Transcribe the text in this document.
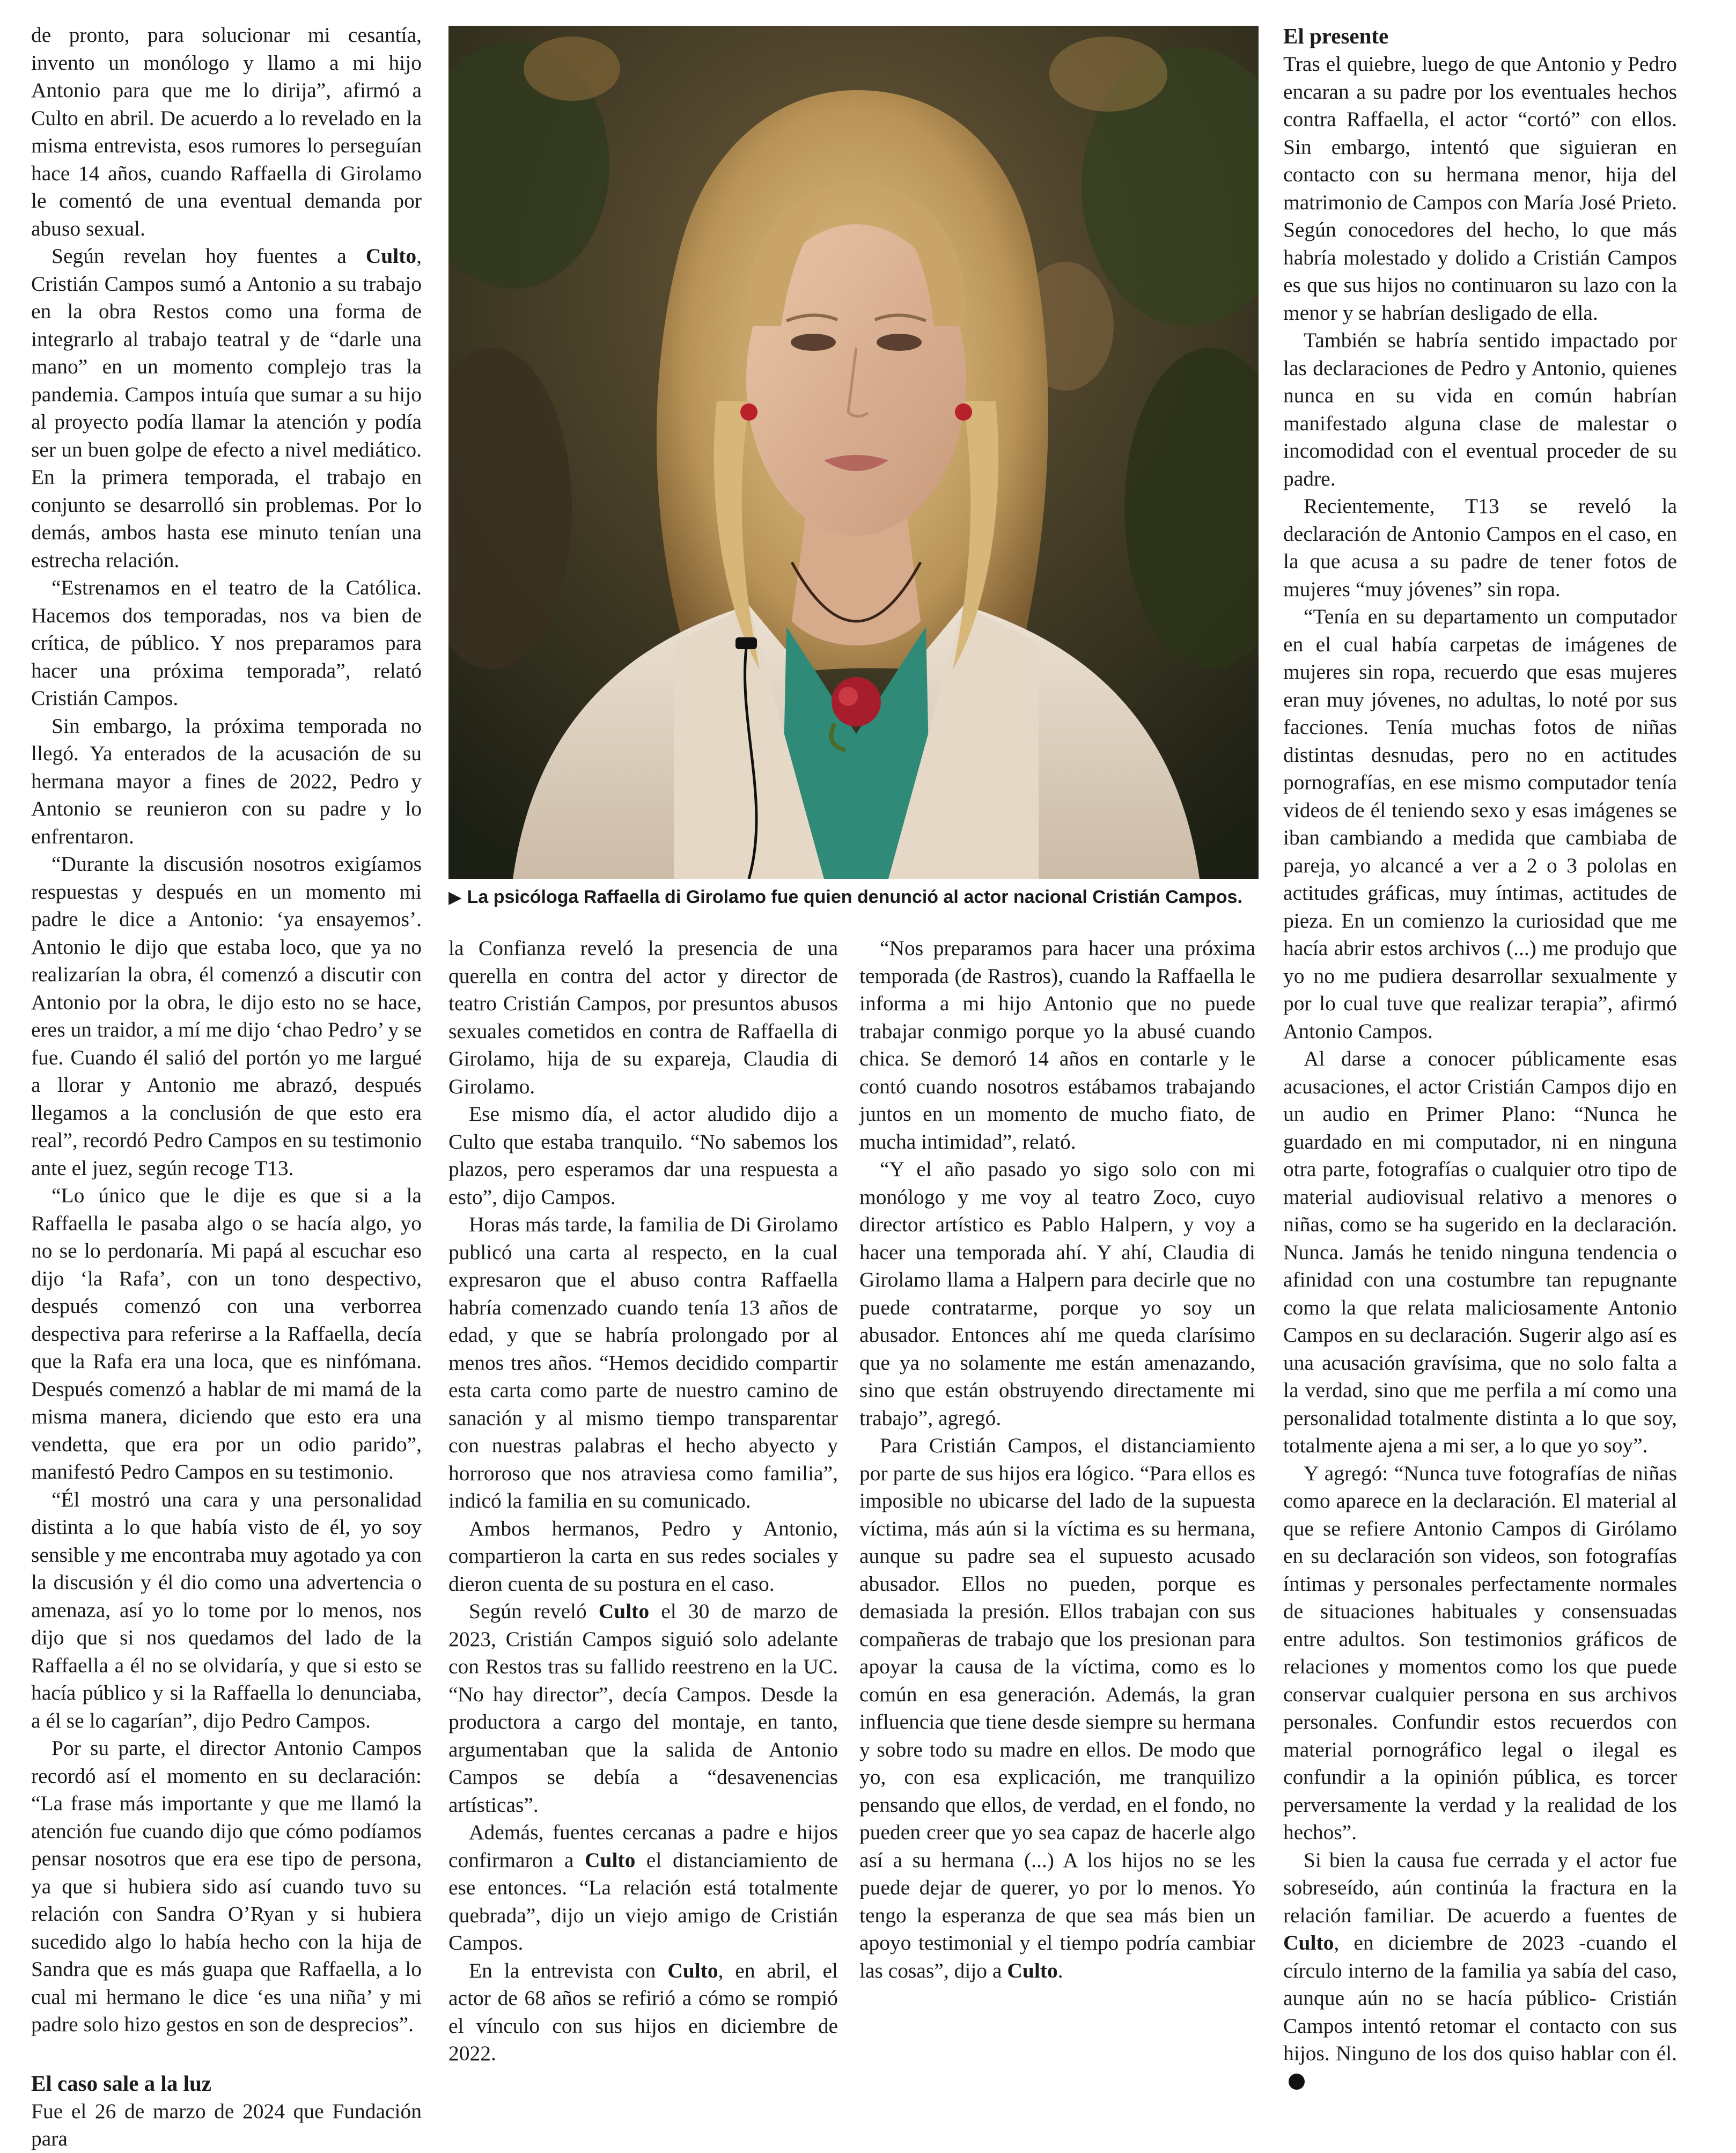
de pronto, para solucionar mi cesantía, invento un monólogo y llamo a mi hijo Antonio para que me lo dirija”, afirmó a Culto en abril. De acuerdo a lo revelado en la misma entrevista, esos rumores lo perseguían hace 14 años, cuando Raffaella di Girolamo le comentó de una eventual demanda por abuso sexual.

Según revelan hoy fuentes a Culto, Cristián Campos sumó a Antonio a su trabajo en la obra Restos como una forma de integrarlo al trabajo teatral y de “darle una mano” en un momento complejo tras la pandemia. Campos intuía que sumar a su hijo al proyecto podía llamar la atención y podía ser un buen golpe de efecto a nivel mediático. En la primera temporada, el trabajo en conjunto se desarrolló sin problemas. Por lo demás, ambos hasta ese minuto tenían una estrecha relación.

“Estrenamos en el teatro de la Católica. Hacemos dos temporadas, nos va bien de crítica, de público. Y nos preparamos para hacer una próxima temporada”, relató Cristián Campos.

Sin embargo, la próxima temporada no llegó. Ya enterados de la acusación de su hermana mayor a fines de 2022, Pedro y Antonio se reunieron con su padre y lo enfrentaron.

“Durante la discusión nosotros exigíamos respuestas y después en un momento mi padre le dice a Antonio: ‘ya ensayemos’. Antonio le dijo que estaba loco, que ya no realizarían la obra, él comenzó a discutir con Antonio por la obra, le dijo esto no se hace, eres un traidor, a mí me dijo ‘chao Pedro’ y se fue. Cuando él salió del portón yo me largué a llorar y Antonio me abrazó, después llegamos a la conclusión de que esto era real”, recordó Pedro Campos en su testimonio ante el juez, según recoge T13.

“Lo único que le dije es que si a la Raffaella le pasaba algo o se hacía algo, yo no se lo perdonaría. Mi papá al escuchar eso dijo ‘la Rafa’, con un tono despectivo, después comenzó con una verborrea despectiva para referirse a la Raffaella, decía que la Rafa era una loca, que es ninfómana. Después comenzó a hablar de mi mamá de la misma manera, diciendo que esto era una vendetta, que era por un odio parido”, manifestó Pedro Campos en su testimonio.

“Él mostró una cara y una personalidad distinta a lo que había visto de él, yo soy sensible y me encontraba muy agotado ya con la discusión y él dio como una advertencia o amenaza, así yo lo tome por lo menos, nos dijo que si nos quedamos del lado de la Raffaella a él no se olvidaría, y que si esto se hacía público y si la Raffaella lo denunciaba, a él se lo cagarían”, dijo Pedro Campos.

Por su parte, el director Antonio Campos recordó así el momento en su declaración: “La frase más importante y que me llamó la atención fue cuando dijo que cómo podíamos pensar nosotros que era ese tipo de persona, ya que si hubiera sido así cuando tuvo su relación con Sandra O’Ryan y si hubiera sucedido algo lo había hecho con la hija de Sandra que es más guapa que Raffaella, a lo cual mi hermano le dice ‘es una niña’ y mi padre solo hizo gestos en son de desprecios”.

El caso sale a la luz

Fue el 26 de marzo de 2024 que Fundación para

▶ La psicóloga Raffaella di Girolamo fue quien denunció al actor nacional Cristián Campos.

la Confianza reveló la presencia de una querella en contra del actor y director de teatro Cristián Campos, por presuntos abusos sexuales cometidos en contra de Raffaella di Girolamo, hija de su expareja, Claudia di Girolamo.

Ese mismo día, el actor aludido dijo a Culto que estaba tranquilo. “No sabemos los plazos, pero esperamos dar una respuesta a esto”, dijo Campos.

Horas más tarde, la familia de Di Girolamo publicó una carta al respecto, en la cual expresaron que el abuso contra Raffaella habría comenzado cuando tenía 13 años de edad, y que se habría prolongado por al menos tres años. “Hemos decidido compartir esta carta como parte de nuestro camino de sanación y al mismo tiempo transparentar con nuestras palabras el hecho abyecto y horroroso que nos atraviesa como familia”, indicó la familia en su comunicado.

Ambos hermanos, Pedro y Antonio, compartieron la carta en sus redes sociales y dieron cuenta de su postura en el caso.

Según reveló Culto el 30 de marzo de 2023, Cristián Campos siguió solo adelante con Restos tras su fallido reestreno en la UC. “No hay director”, decía Campos. Desde la productora a cargo del montaje, en tanto, argumentaban que la salida de Antonio Campos se debía a “desavenencias artísticas”.

Además, fuentes cercanas a padre e hijos confirmaron a Culto el distanciamiento de ese entonces. “La relación está totalmente quebrada”, dijo un viejo amigo de Cristián Campos.

En la entrevista con Culto, en abril, el actor de 68 años se refirió a cómo se rompió el vínculo con sus hijos en diciembre de 2022.

“Nos preparamos para hacer una próxima temporada (de Rastros), cuando la Raffaella le informa a mi hijo Antonio que no puede trabajar conmigo porque yo la abusé cuando chica. Se demoró 14 años en contarle y le contó cuando nosotros estábamos trabajando juntos en un momento de mucho fiato, de mucha intimidad”, relató.

“Y el año pasado yo sigo solo con mi monólogo y me voy al teatro Zoco, cuyo director artístico es Pablo Halpern, y voy a hacer una temporada ahí. Y ahí, Claudia di Girolamo llama a Halpern para decirle que no puede contratarme, porque yo soy un abusador. Entonces ahí me queda clarísimo que ya no solamente me están amenazando, sino que están obstruyendo directamente mi trabajo”, agregó.

Para Cristián Campos, el distanciamiento por parte de sus hijos era lógico. “Para ellos es imposible no ubicarse del lado de la supuesta víctima, más aún si la víctima es su hermana, aunque su padre sea el supuesto acusado abusador. Ellos no pueden, porque es demasiada la presión. Ellos trabajan con sus compañeras de trabajo que los presionan para apoyar la causa de la víctima, como es lo común en esa generación. Además, la gran influencia que tiene desde siempre su hermana y sobre todo su madre en ellos. De modo que yo, con esa explicación, me tranquilizo pensando que ellos, de verdad, en el fondo, no pueden creer que yo sea capaz de hacerle algo así a su hermana (...) A los hijos no se les puede dejar de querer, yo por lo menos. Yo tengo la esperanza de que sea más bien un apoyo testimonial y el tiempo podría cambiar las cosas”, dijo a Culto.

El presente

Tras el quiebre, luego de que Antonio y Pedro encaran a su padre por los eventuales hechos contra Raffaella, el actor “cortó” con ellos. Sin embargo, intentó que siguieran en contacto con su hermana menor, hija del matrimonio de Campos con María José Prieto. Según conocedores del hecho, lo que más habría molestado y dolido a Cristián Campos es que sus hijos no continuaron su lazo con la menor y se habrían desligado de ella.

También se habría sentido impactado por las declaraciones de Pedro y Antonio, quienes nunca en su vida en común habrían manifestado alguna clase de malestar o incomodidad con el eventual proceder de su padre.

Recientemente, T13 se reveló la declaración de Antonio Campos en el caso, en la que acusa a su padre de tener fotos de mujeres “muy jóvenes” sin ropa.

“Tenía en su departamento un computador en el cual había carpetas de imágenes de mujeres sin ropa, recuerdo que esas mujeres eran muy jóvenes, no adultas, lo noté por sus facciones. Tenía muchas fotos de niñas distintas desnudas, pero no en actitudes pornografías, en ese mismo computador tenía videos de él teniendo sexo y esas imágenes se iban cambiando a medida que cambiaba de pareja, yo alcancé a ver a 2 o 3 pololas en actitudes gráficas, muy íntimas, actitudes de pieza. En un comienzo la curiosidad que me hacía abrir estos archivos (...) me produjo que yo no me pudiera desarrollar sexualmente y por lo cual tuve que realizar terapia”, afirmó Antonio Campos.

Al darse a conocer públicamente esas acusaciones, el actor Cristián Campos dijo en un audio en Primer Plano: “Nunca he guardado en mi computador, ni en ninguna otra parte, fotografías o cualquier otro tipo de material audiovisual relativo a menores o niñas, como se ha sugerido en la declaración. Nunca. Jamás he tenido ninguna tendencia o afinidad con una costumbre tan repugnante como la que relata maliciosamente Antonio Campos en su declaración. Sugerir algo así es una acusación gravísima, que no solo falta a la verdad, sino que me perfila a mí como una personalidad totalmente distinta a lo que soy, totalmente ajena a mi ser, a lo que yo soy”.

Y agregó: “Nunca tuve fotografías de niñas como aparece en la declaración. El material al que se refiere Antonio Campos di Girólamo en su declaración son videos, son fotografías íntimas y personales perfectamente normales de situaciones habituales y consensuadas entre adultos. Son testimonios gráficos de relaciones y momentos como los que puede conservar cualquier persona en sus archivos personales. Confundir estos recuerdos con material pornográfico legal o ilegal es confundir a la opinión pública, es torcer perversamente la verdad y la realidad de los hechos”.

Si bien la causa fue cerrada y el actor fue sobreseído, aún continúa la fractura en la relación familiar. De acuerdo a fuentes de Culto, en diciembre de 2023 -cuando el círculo interno de la familia ya sabía del caso, aunque aún no se hacía público- Cristián Campos intentó retomar el contacto con sus hijos. Ninguno de los dos quiso hablar con él.
